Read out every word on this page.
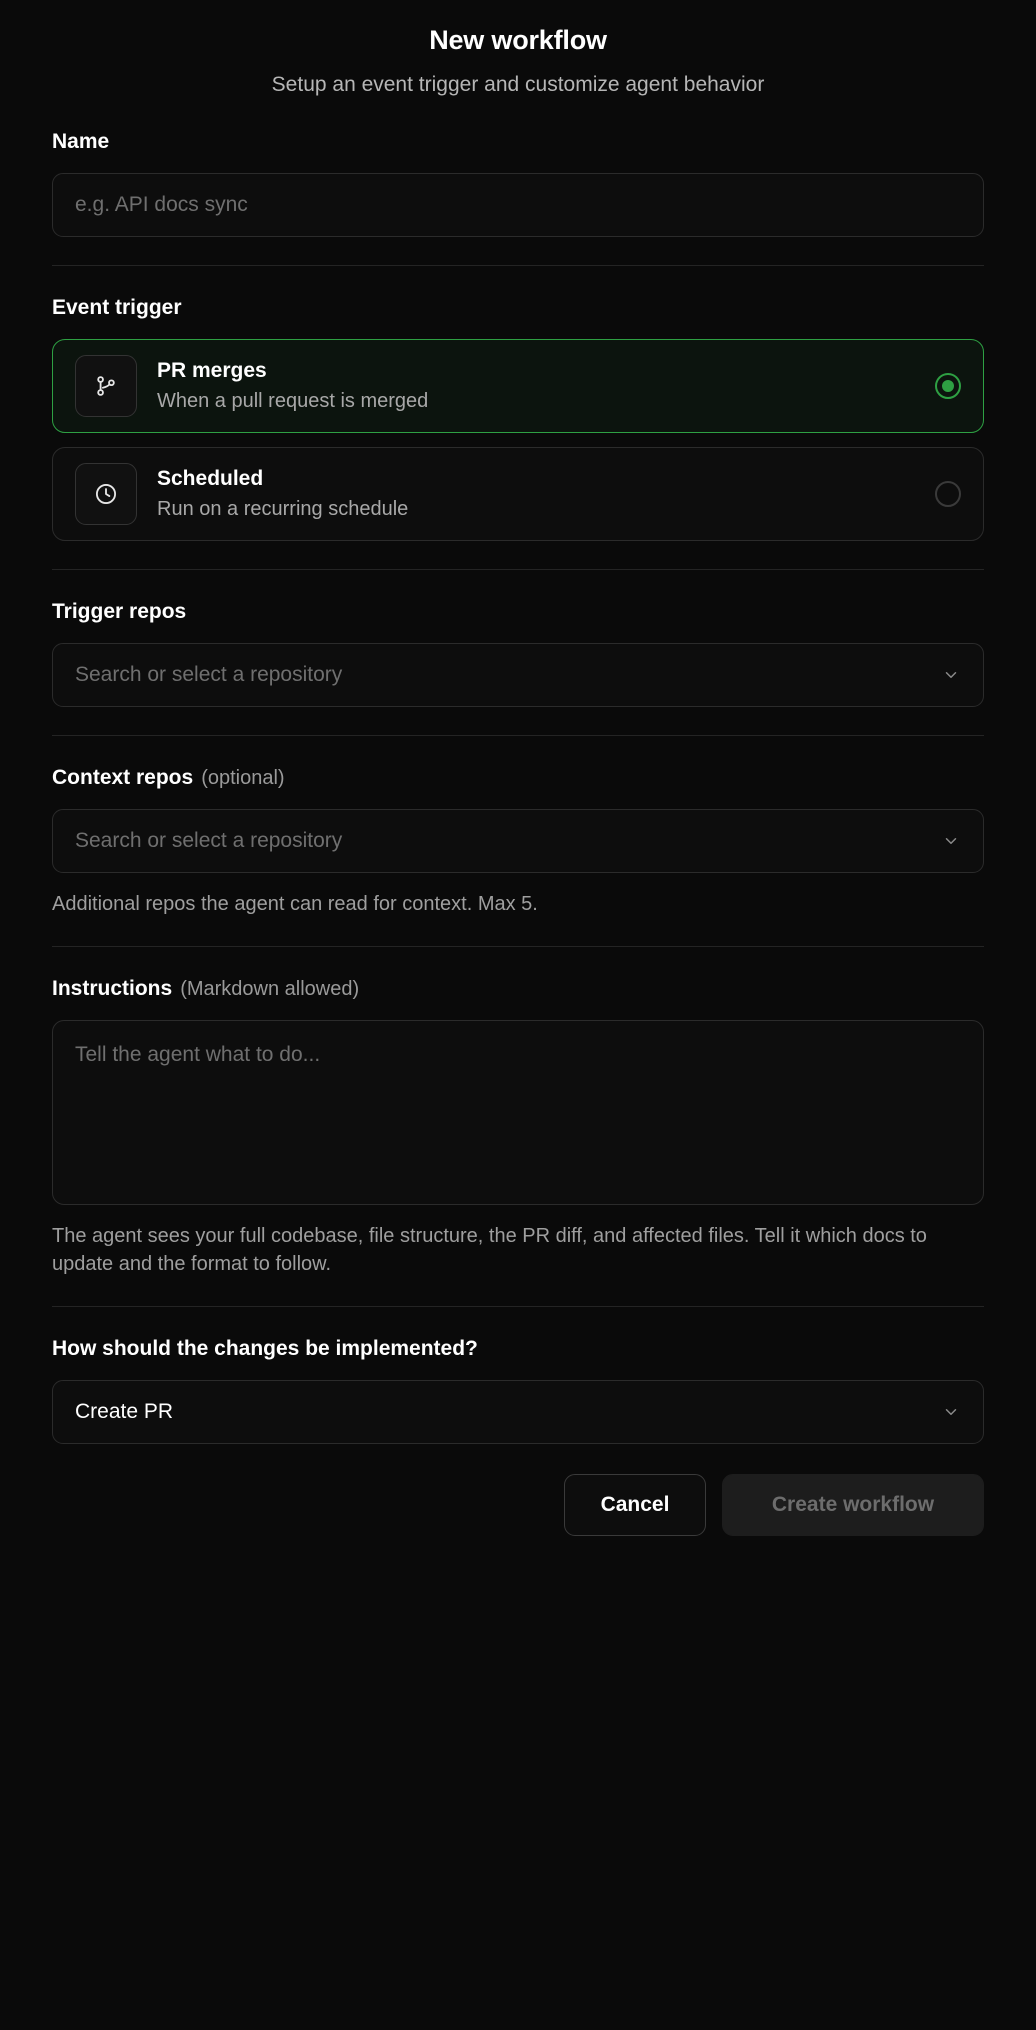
New workflow
Setup an event trigger and customize agent behavior
Name
e.g. API docs sync
Event trigger
PR merges
When a pull request is merged
Scheduled
Run on a recurring schedule
Trigger repos
Search or select a repository
Context repos (optional)
Search or select a repository
Additional repos the agent can read for context. Max 5.
Instructions (Markdown allowed)
Tell the agent what to do...
The agent sees your full codebase, file structure, the PR diff, and affected files. Tell it which docs to update and the format to follow.
How should the changes be implemented?
Create PR
Cancel	Create workflow
